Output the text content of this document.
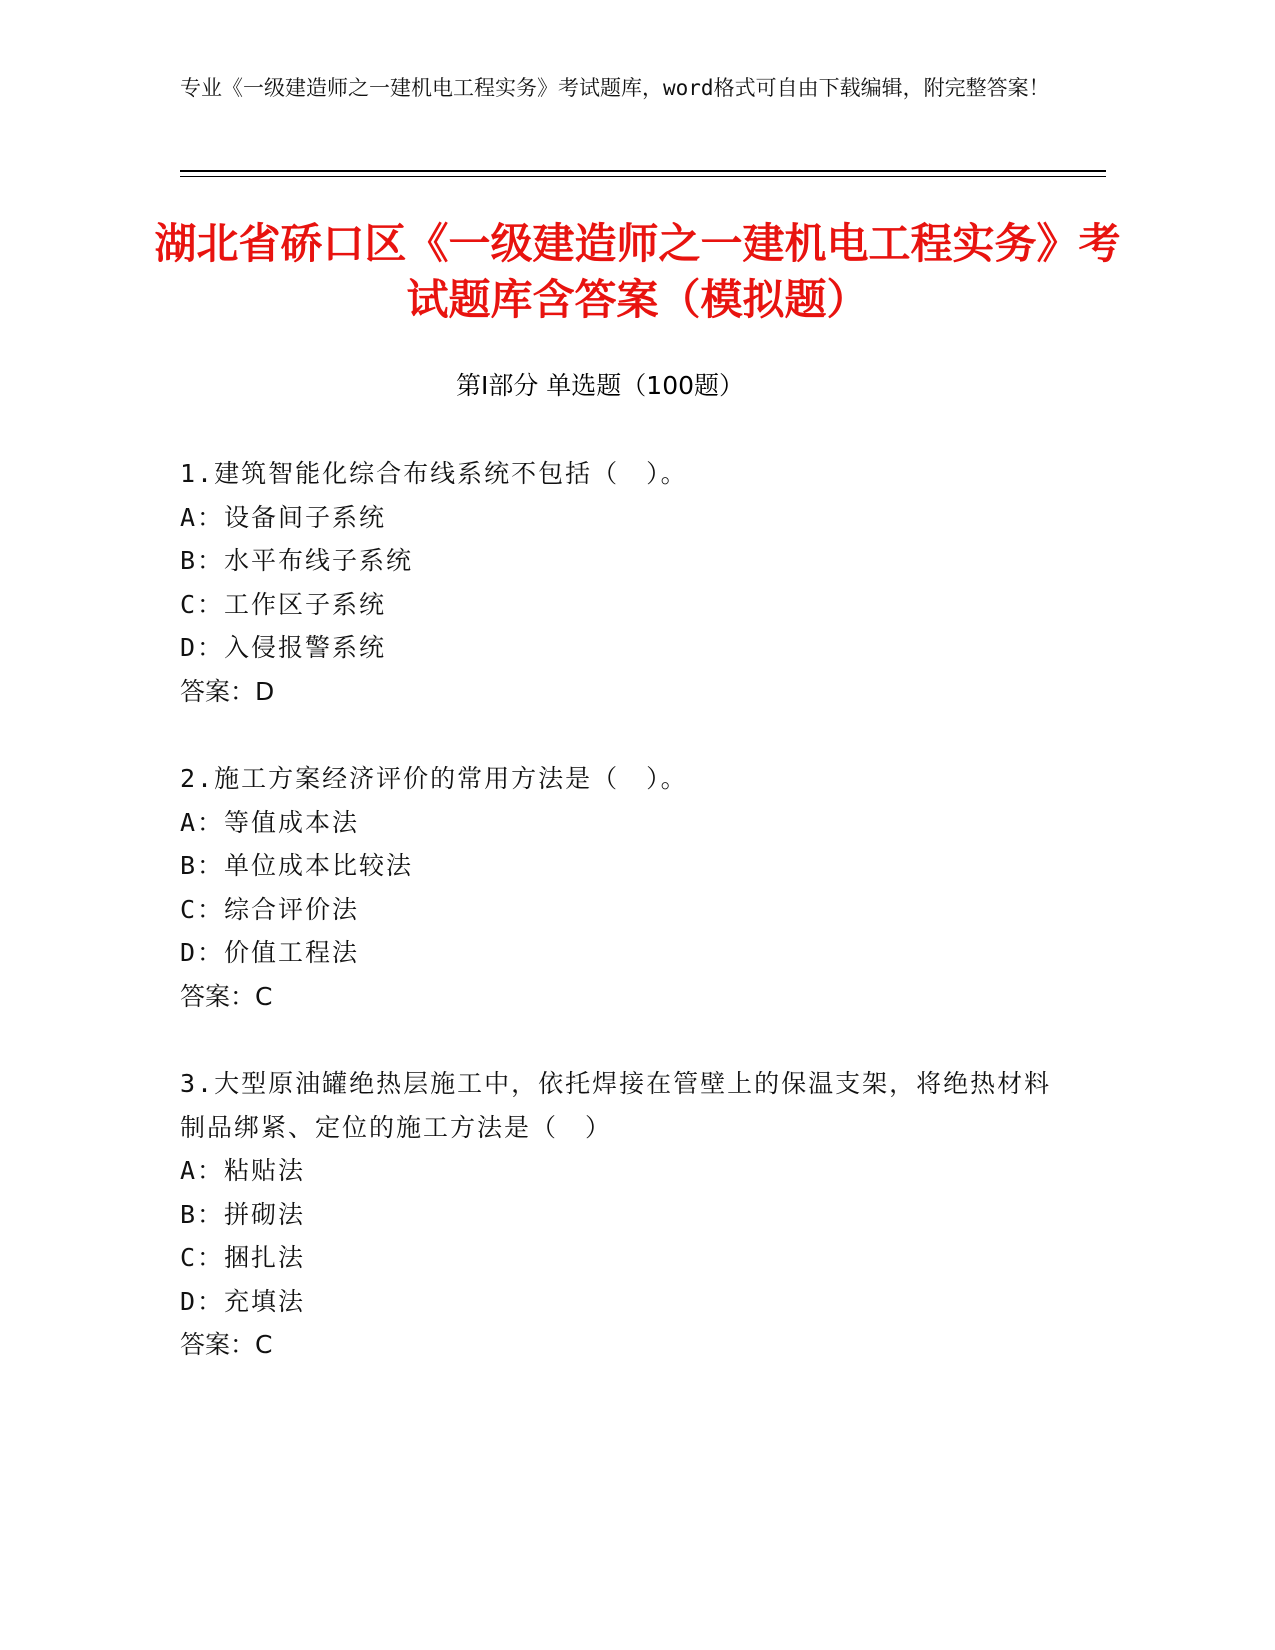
专业《一级建造师之一建机电工程实务》考试题库，word格式可自由下载编辑，附完整答案！
湖北省硚口区《一级建造师之一建机电工程实务》考试题库含答案（模拟题）
第Ⅰ部分 单选题（100题）
1.建筑智能化综合布线系统不包括（　）。
A：设备间子系统
B：水平布线子系统
C：工作区子系统
D：入侵报警系统
答案：D
2.施工方案经济评价的常用方法是（　）。
A：等值成本法
B：单位成本比较法
C：综合评价法
D：价值工程法
答案：C
3.大型原油罐绝热层施工中，依托焊接在管壁上的保温支架，将绝热材料制品绑紧、定位的施工方法是（　）
A：粘贴法
B：拼砌法
C：捆扎法
D：充填法
答案：C
